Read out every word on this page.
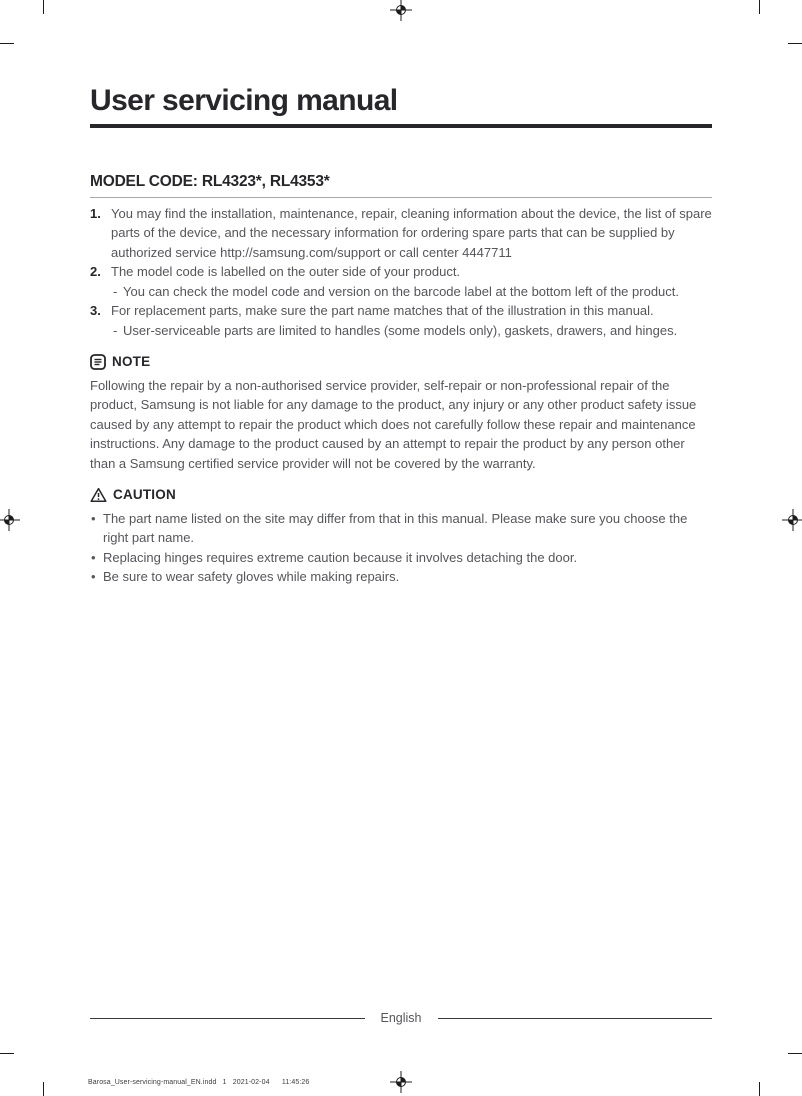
User servicing manual
MODEL CODE: RL4323*, RL4353*
1. You may find the installation, maintenance, repair, cleaning information about the device, the list of spare parts of the device, and the necessary information for ordering spare parts that can be supplied by authorized service http://samsung.com/support or call center 4447711
2. The model code is labelled on the outer side of your product.
- You can check the model code and version on the barcode label at the bottom left of the product.
3. For replacement parts, make sure the part name matches that of the illustration in this manual.
- User-serviceable parts are limited to handles (some models only), gaskets, drawers, and hinges.
NOTE
Following the repair by a non-authorised service provider, self-repair or non-professional repair of the product, Samsung is not liable for any damage to the product, any injury or any other product safety issue caused by any attempt to repair the product which does not carefully follow these repair and maintenance instructions. Any damage to the product caused by an attempt to repair the product by any person other than a Samsung certified service provider will not be covered by the warranty.
CAUTION
• The part name listed on the site may differ from that in this manual. Please make sure you choose the right part name.
• Replacing hinges requires extreme caution because it involves detaching the door.
• Be sure to wear safety gloves while making repairs.
English
Barosa_User-servicing-manual_EN.indd   1 2021-02-04      11:45:26
